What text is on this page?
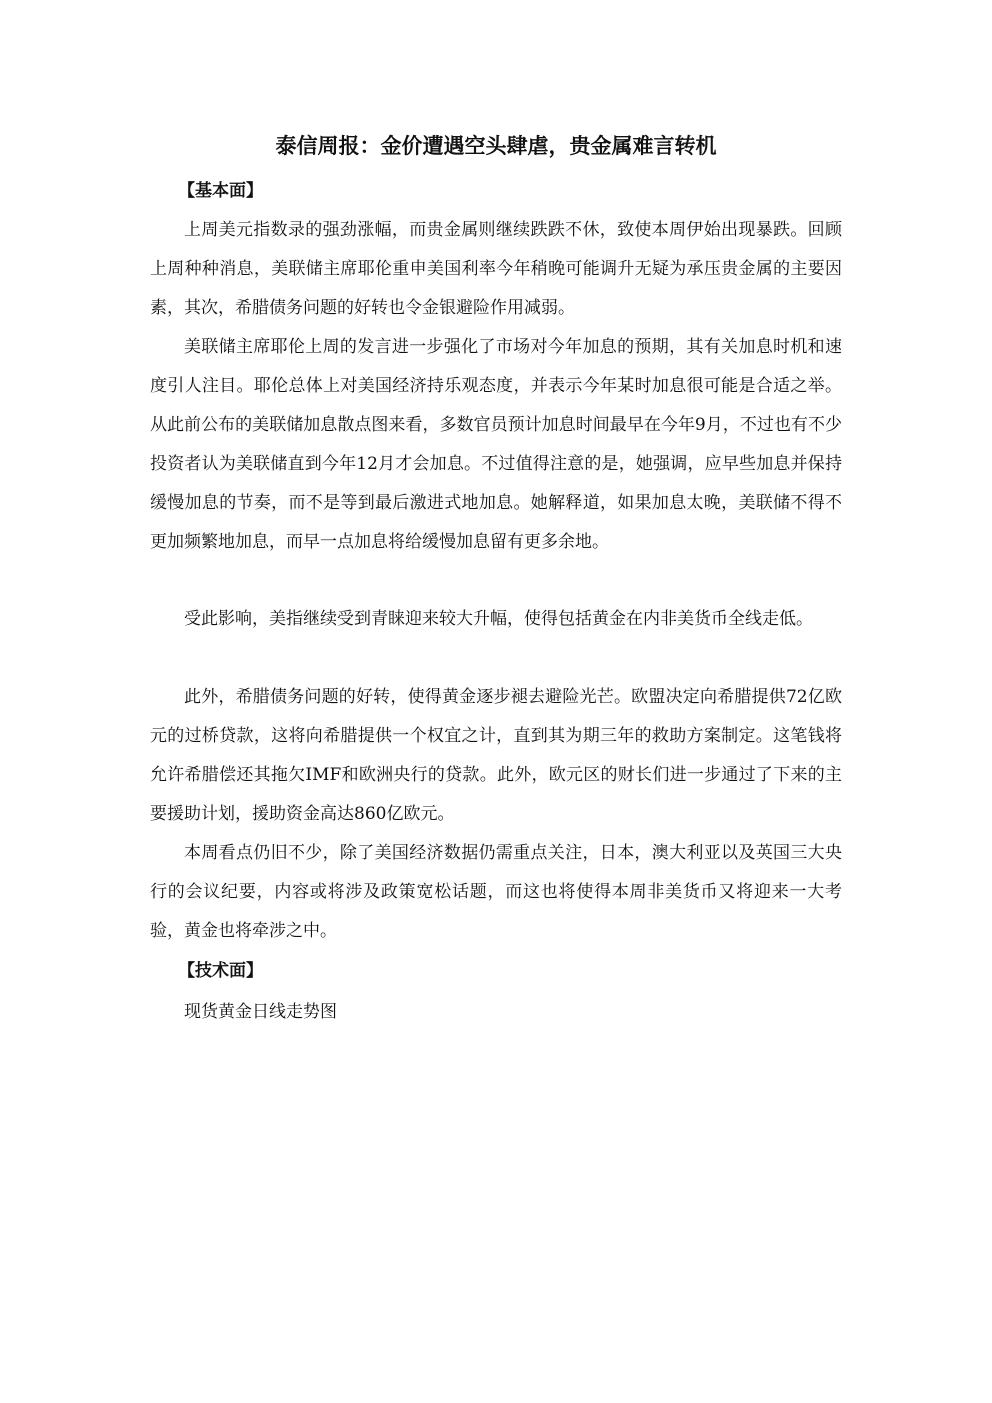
泰信周报：金价遭遇空头肆虐，贵金属难言转机
【基本面】

上周美元指数录的强劲涨幅，而贵金属则继续跌跌不休，致使本周伊始出现暴跌。回顾上周种种消息，美联储主席耶伦重申美国利率今年稍晚可能调升无疑为承压贵金属的主要因素，其次，希腊债务问题的好转也令金银避险作用减弱。

美联储主席耶伦上周的发言进一步强化了市场对今年加息的预期，其有关加息时机和速度引人注目。耶伦总体上对美国经济持乐观态度，并表示今年某时加息很可能是合适之举。从此前公布的美联储加息散点图来看，多数官员预计加息时间最早在今年9月，不过也有不少投资者认为美联储直到今年12月才会加息。不过值得注意的是，她强调，应早些加息并保持缓慢加息的节奏，而不是等到最后激进式地加息。她解释道，如果加息太晚，美联储不得不更加频繁地加息，而早一点加息将给缓慢加息留有更多余地。

受此影响，美指继续受到青睐迎来较大升幅，使得包括黄金在内非美货币全线走低。

此外，希腊债务问题的好转，使得黄金逐步褪去避险光芒。欧盟决定向希腊提供72亿欧元的过桥贷款，这将向希腊提供一个权宜之计，直到其为期三年的救助方案制定。这笔钱将允许希腊偿还其拖欠IMF和欧洲央行的贷款。此外，欧元区的财长们进一步通过了下来的主要援助计划，援助资金高达860亿欧元。

本周看点仍旧不少，除了美国经济数据仍需重点关注，日本，澳大利亚以及英国三大央行的会议纪要，内容或将涉及政策宽松话题，而这也将使得本周非美货币又将迎来一大考验，黄金也将牵涉之中。

【技术面】

现货黄金日线走势图
